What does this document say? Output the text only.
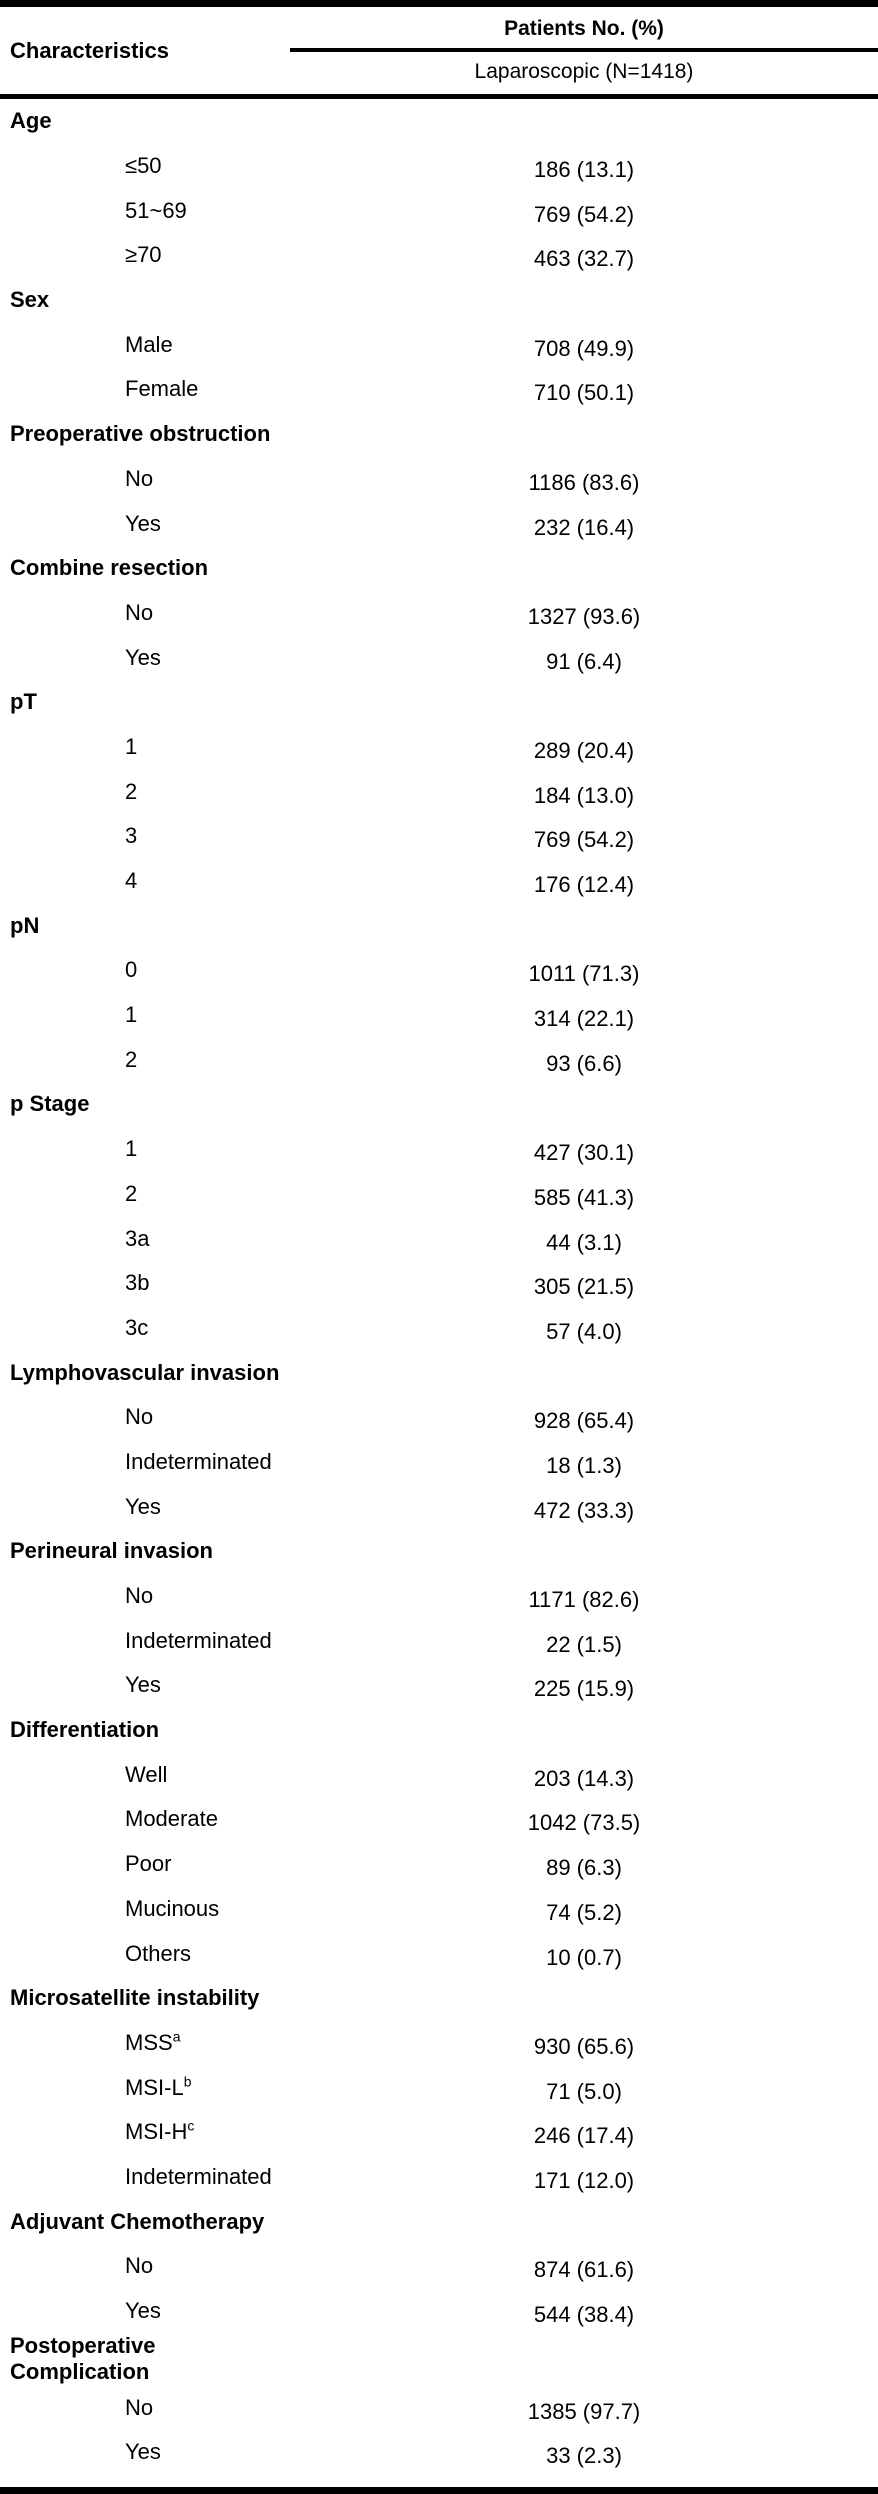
Characteristics
Patients No. (%)
Laparoscopic (N=1418)
Age
≤50	186 (13.1)
51~69	769 (54.2)
≥70	463 (32.7)
Sex
Male	708 (49.9)
Female	710 (50.1)
Preoperative obstruction
No	1186 (83.6)
Yes	232 (16.4)
Combine resection
No	1327 (93.6)
Yes	91 (6.4)
pT
1	289 (20.4)
2	184 (13.0)
3	769 (54.2)
4	176 (12.4)
pN
0	1011 (71.3)
1	314 (22.1)
2	93 (6.6)
p Stage
1	427 (30.1)
2	585 (41.3)
3a	44 (3.1)
3b	305 (21.5)
3c	57 (4.0)
Lymphovascular invasion
No	928 (65.4)
Indeterminated	18 (1.3)
Yes	472 (33.3)
Perineural invasion
No	1171 (82.6)
Indeterminated	22 (1.5)
Yes	225 (15.9)
Differentiation
Well	203 (14.3)
Moderate	1042 (73.5)
Poor	89 (6.3)
Mucinous	74 (5.2)
Others	10 (0.7)
Microsatellite instability
MSS$^a$	930 (65.6)
MSI-$L^b$	71 (5.0)
MSI-$H^c$	246 (17.4)
Indeterminated	171 (12.0)
Adjuvant Chemotherapy
No	874 (61.6)
Yes	544 (38.4)
Postoperative Complication
No	1385 (97.7)
Yes	33 (2.3)
